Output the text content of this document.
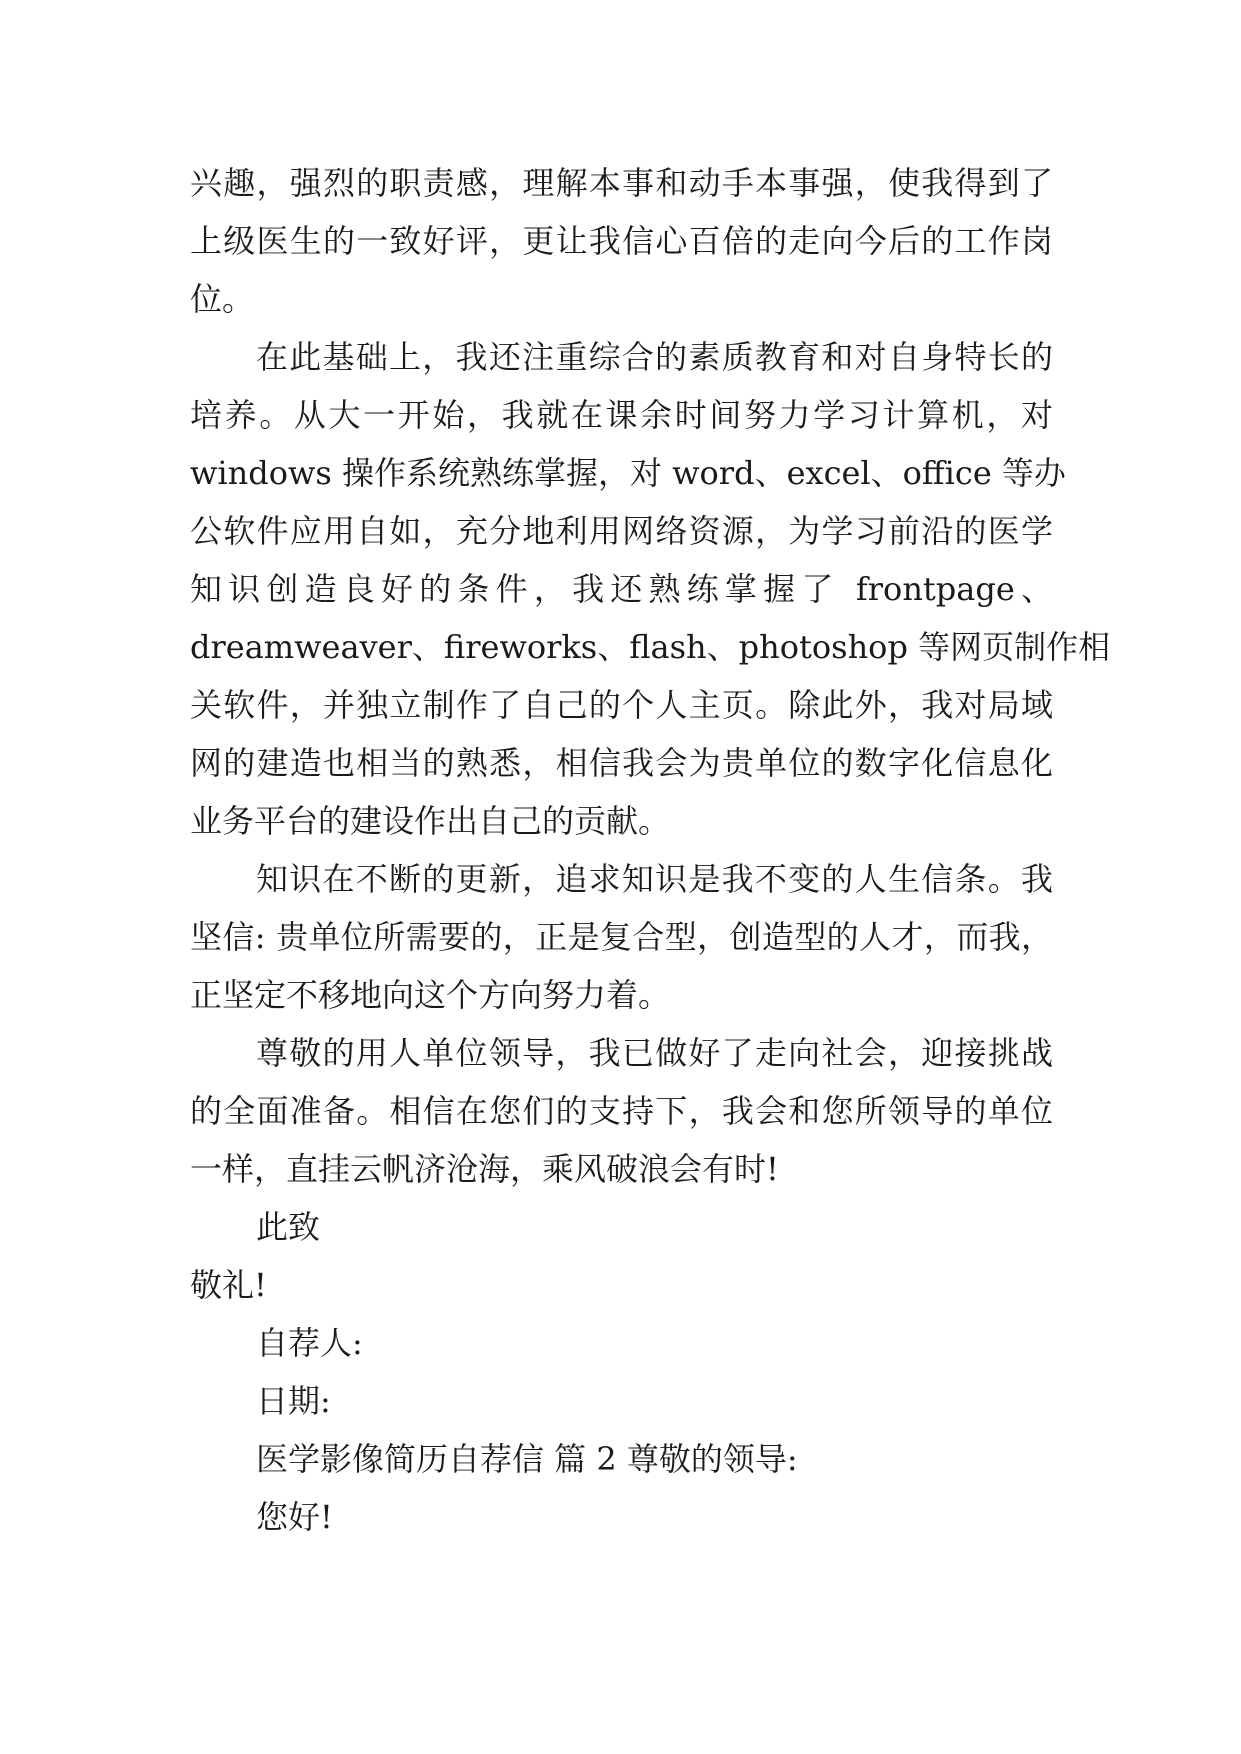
兴趣，强烈的职责感，理解本事和动手本事强，使我得到了
上级医生的一致好评，更让我信心百倍的走向今后的工作岗
位。
在此基础上，我还注重综合的素质教育和对自身特长的
培养。从大一开始，我就在课余时间努力学习计算机，对
windows 操作系统熟练掌握，对 word、excel、office 等办
公软件应用自如，充分地利用网络资源，为学习前沿的医学
知识创造良好的条件，我还熟练掌握了 frontpage、
dreamweaver、fireworks、flash、photoshop 等网页制作相
关软件，并独立制作了自己的个人主页。除此外，我对局域
网的建造也相当的熟悉，相信我会为贵单位的数字化信息化
业务平台的建设作出自己的贡献。
知识在不断的更新，追求知识是我不变的人生信条。我
坚信: 贵单位所需要的，正是复合型，创造型的人才，而我，
正坚定不移地向这个方向努力着。
尊敬的用人单位领导，我已做好了走向社会，迎接挑战
的全面准备。相信在您们的支持下，我会和您所领导的单位
一样，直挂云帆济沧海，乘风破浪会有时!
此致
敬礼!
自荐人:
日期:
医学影像简历自荐信 篇 2 尊敬的领导:
您好!
